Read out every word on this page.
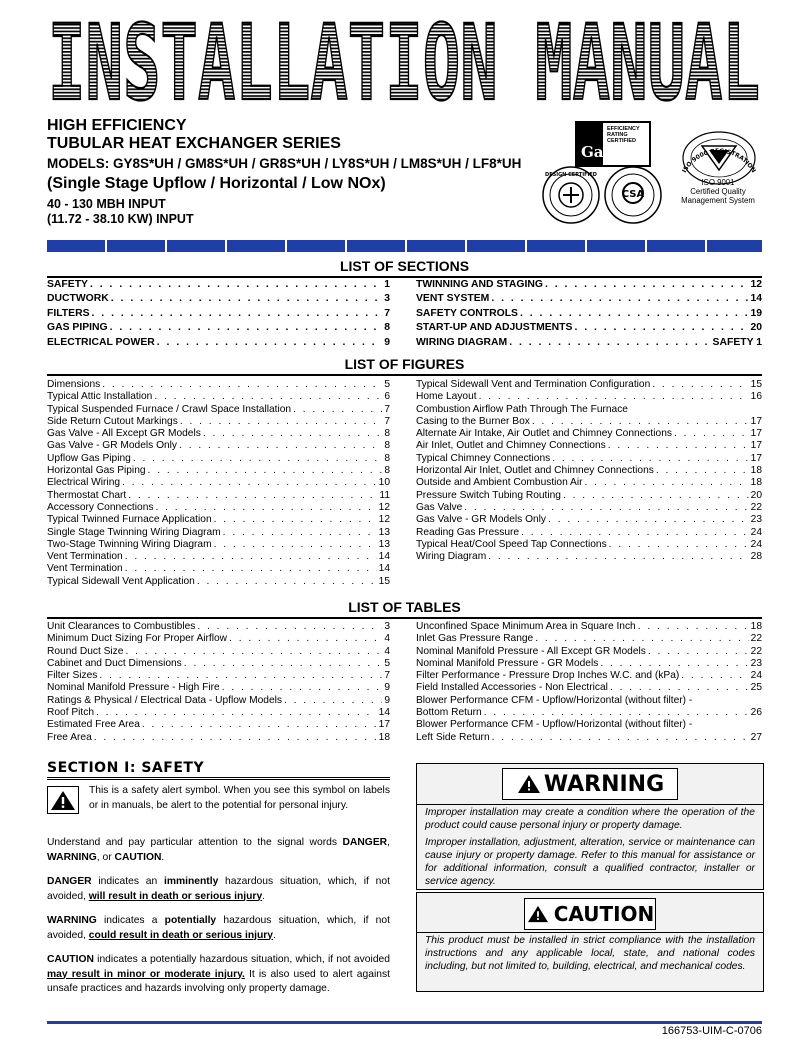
INSTALLATION MANUAL
HIGH EFFICIENCY
TUBULAR HEAT EXCHANGER SERIES
MODELS: GY8S*UH / GM8S*UH / GR8S*UH / LY8S*UH / LM8S*UH / LF8*UH
(Single Stage Upflow / Horizontal / Low NOx)
40 - 130 MBH INPUT
(11.72 - 38.10 KW) INPUT
EFFICIENCY
RATING
CERTIFIED
Gama
ISO 9000 REGISTRATION
ISO 9001
Certified Quality
Management System
CSA
DESIGN CERTIFIED
LIST OF SECTIONS
SAFETY . . .	1
DUCTWORK . . .	3
FILTERS . . .	7
GAS PIPING . . .	8
ELECTRICAL POWER . . .	9
TWINNING AND STAGING . . .	12
VENT SYSTEM . . .	14
SAFETY CONTROLS . . .	19
START-UP AND ADJUSTMENTS . . .	20
WIRING DIAGRAM . . .	SAFETY 1
LIST OF FIGURES
Dimensions . . .	5
Typical Attic Installation . . .	6
Typical Suspended Furnace / Crawl Space Installation . . .	7
Side Return Cutout Markings . . .	7
Gas Valve - All Except GR Models . . .	8
Gas Valve - GR Models Only . . .	8
Upflow Gas Piping . . .	8
Horizontal Gas Piping . . .	8
Electrical Wiring . . .	10
Thermostat Chart . . .	11
Accessory Connections . . .	12
Typical Twinned Furnace Application . . .	12
Single Stage Twinning Wiring Diagram . . .	13
Two-Stage Twinning Wiring Diagram . . .	13
Vent Termination . . .	14
Vent Termination . . .	14
Typical Sidewall Vent Application . . .	15
Typical Sidewall Vent and Termination Configuration . . .	15
Home Layout . . .	16
Combustion Airflow Path Through The Furnace
Casing to the Burner Box . . .	17
Alternate Air Intake, Air Outlet and Chimney Connections . . .	17
Air Inlet, Outlet and Chimney Connections . . .	17
Typical Chimney Connections . . .	17
Horizontal Air Inlet, Outlet and Chimney Connections . . .	18
Outside and Ambient Combustion Air . . .	18
Pressure Switch Tubing Routing . . .	20
Gas Valve . . .	22
Gas Valve - GR Models Only . . .	23
Reading Gas Pressure . . .	24
Typical Heat/Cool Speed Tap Connections . . .	24
Wiring Diagram . . .	28
LIST OF TABLES
Unit Clearances to Combustibles . . .	3
Minimum Duct Sizing For Proper Airflow . . .	4
Round Duct Size . . .	4
Cabinet and Duct Dimensions . . .	5
Filter Sizes . . .	7
Nominal Manifold Pressure - High Fire . . .	9
Ratings & Physical / Electrical Data - Upflow Models . . .	9
Roof Pitch . . .	14
Estimated Free Area . . .	17
Free Area . . .	18
Unconfined Space Minimum Area in Square Inch . . .	18
Inlet Gas Pressure Range . . .	22
Nominal Manifold Pressure - All Except GR Models . . .	22
Nominal Manifold Pressure - GR Models . . .	23
Filter Performance - Pressure Drop Inches W.C. and (kPa) . . .	24
Field Installed Accessories - Non Electrical . . .	25
Blower Performance CFM - Upflow/Horizontal (without filter) -
Bottom Return . . .	26
Blower Performance CFM - Upflow/Horizontal (without filter) -
Left Side Return . . .	27
SECTION I: SAFETY
This is a safety alert symbol. When you see this symbol on labels or in manuals, be alert to the potential for personal injury.

Understand and pay particular attention to the signal words DANGER, WARNING, or CAUTION.

DANGER indicates an imminently hazardous situation, which, if not avoided, will result in death or serious injury.

WARNING indicates a potentially hazardous situation, which, if not avoided, could result in death or serious injury.

CAUTION indicates a potentially hazardous situation, which, if not avoided may result in minor or moderate injury. It is also used to alert against unsafe practices and hazards involving only property damage.

WARNING
Improper installation may create a condition where the operation of the product could cause personal injury or property damage.
Improper installation, adjustment, alteration, service or maintenance can cause injury or property damage. Refer to this manual for assistance or for additional information, consult a qualified contractor, installer or service agency.
CAUTION
This product must be installed in strict compliance with the installation instructions and any applicable local, state, and national codes including, but not limited to, building, electrical, and mechanical codes.
166753-UIM-C-0706
